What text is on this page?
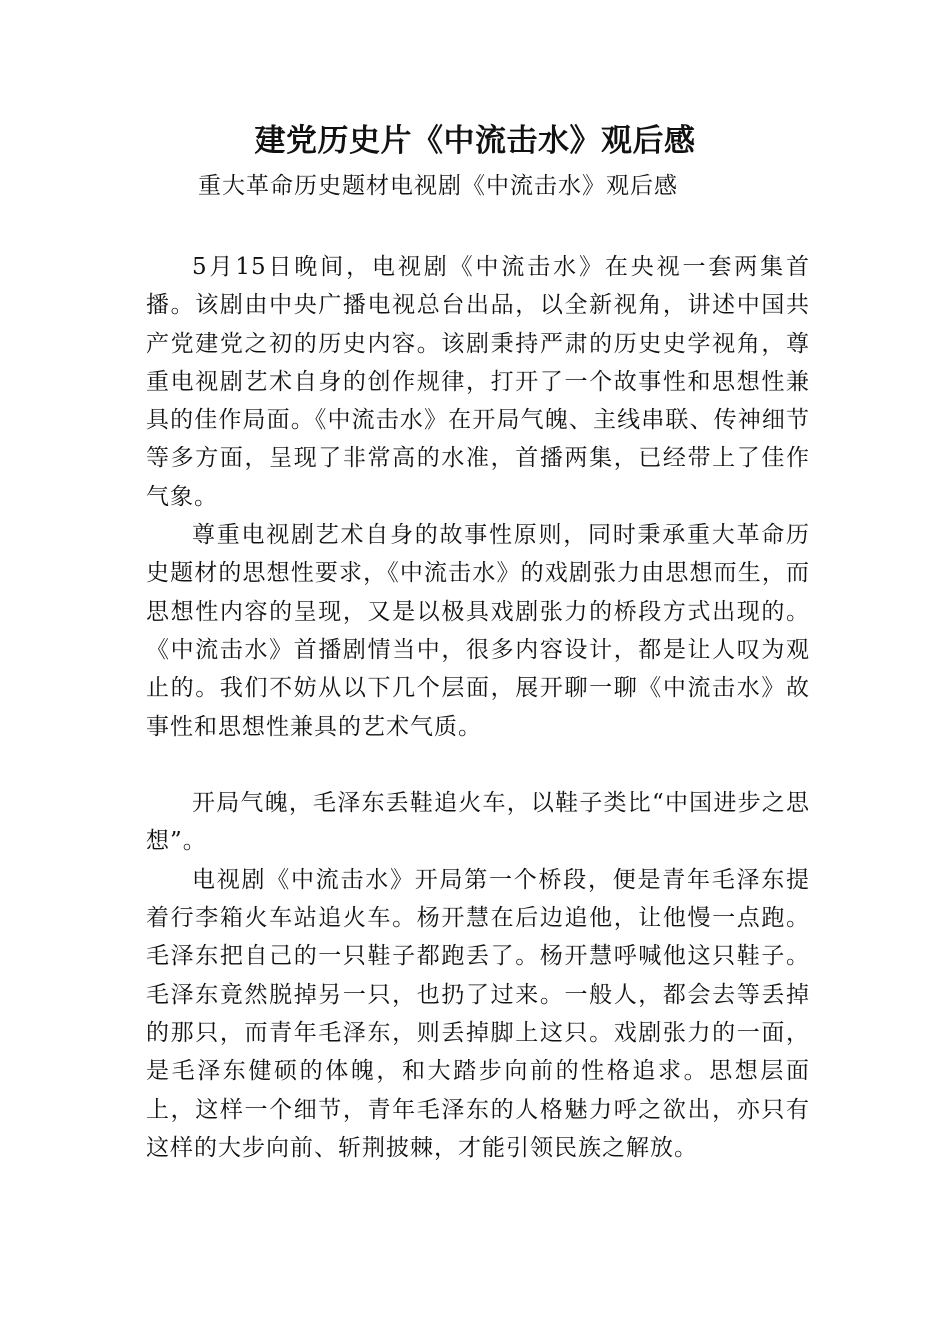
建党历史片《中流击水》观后感

重大革命历史题材电视剧《中流击水》观后感

5月15日晚间，电视剧《中流击水》在央视一套两集首播。该剧由中央广播电视总台出品，以全新视角，讲述中国共产党建党之初的历史内容。该剧秉持严肃的历史史学视角，尊重电视剧艺术自身的创作规律，打开了一个故事性和思想性兼具的佳作局面。《中流击水》在开局气魄、主线串联、传神细节等多方面，呈现了非常高的水准，首播两集，已经带上了佳作气象。

尊重电视剧艺术自身的故事性原则，同时秉承重大革命历史题材的思想性要求，《中流击水》的戏剧张力由思想而生，而思想性内容的呈现，又是以极具戏剧张力的桥段方式出现的。《中流击水》首播剧情当中，很多内容设计，都是让人叹为观止的。我们不妨从以下几个层面，展开聊一聊《中流击水》故事性和思想性兼具的艺术气质。

开局气魄，毛泽东丢鞋追火车，以鞋子类比“中国进步之思想”。

电视剧《中流击水》开局第一个桥段，便是青年毛泽东提着行李箱火车站追火车。杨开慧在后边追他，让他慢一点跑。毛泽东把自己的一只鞋子都跑丢了。杨开慧呼喊他这只鞋子。毛泽东竟然脱掉另一只，也扔了过来。一般人，都会去等丢掉的那只，而青年毛泽东，则丢掉脚上这只。戏剧张力的一面，是毛泽东健硕的体魄，和大踏步向前的性格追求。思想层面上，这样一个细节，青年毛泽东的人格魅力呼之欲出，亦只有这样的大步向前、斩荆披棘，才能引领民族之解放。
